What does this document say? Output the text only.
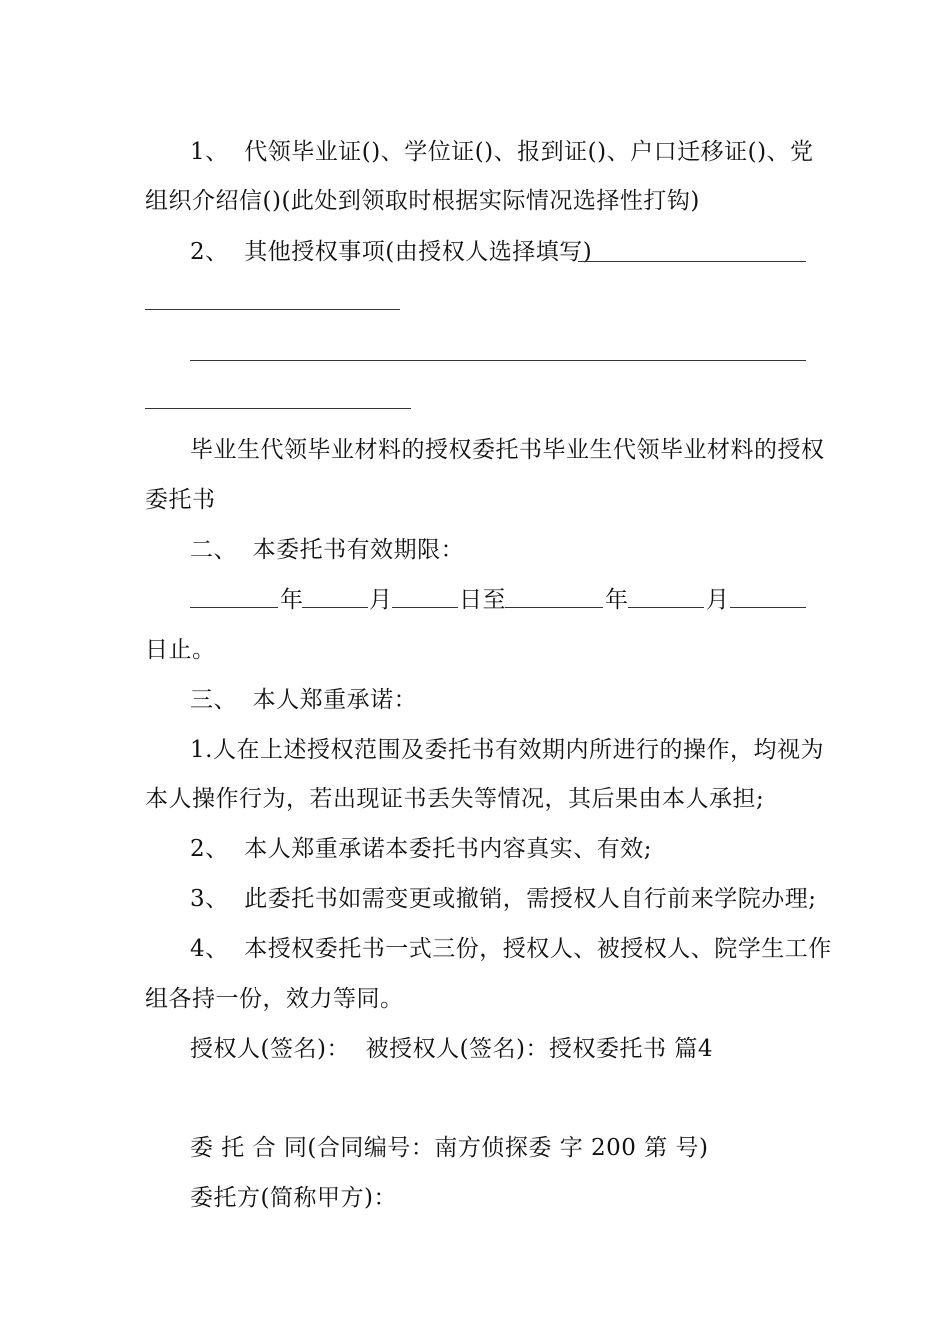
1、  代领毕业证()、学位证()、报到证()、户口迁移证()、党
组织介绍信()(此处到领取时根据实际情况选择性打钩)
2、  其他授权事项(由授权人选择填写)
毕业生代领毕业材料的授权委托书毕业生代领毕业材料的授权
委托书
二、  本委托书有效期限：
年	月	日至	年	月
日止。
三、  本人郑重承诺：
1.人在上述授权范围及委托书有效期内所进行的操作，均视为
本人操作行为，若出现证书丢失等情况，其后果由本人承担;
2、  本人郑重承诺本委托书内容真实、有效;
3、  此委托书如需变更或撤销，需授权人自行前来学院办理;
4、  本授权委托书一式三份，授权人、被授权人、院学生工作
组各持一份，效力等同。
授权人(签名)：  被授权人(签名)：授权委托书 篇4
委 托 合 同(合同编号：南方侦探委 字 200 第 号)
委托方(简称甲方)：
